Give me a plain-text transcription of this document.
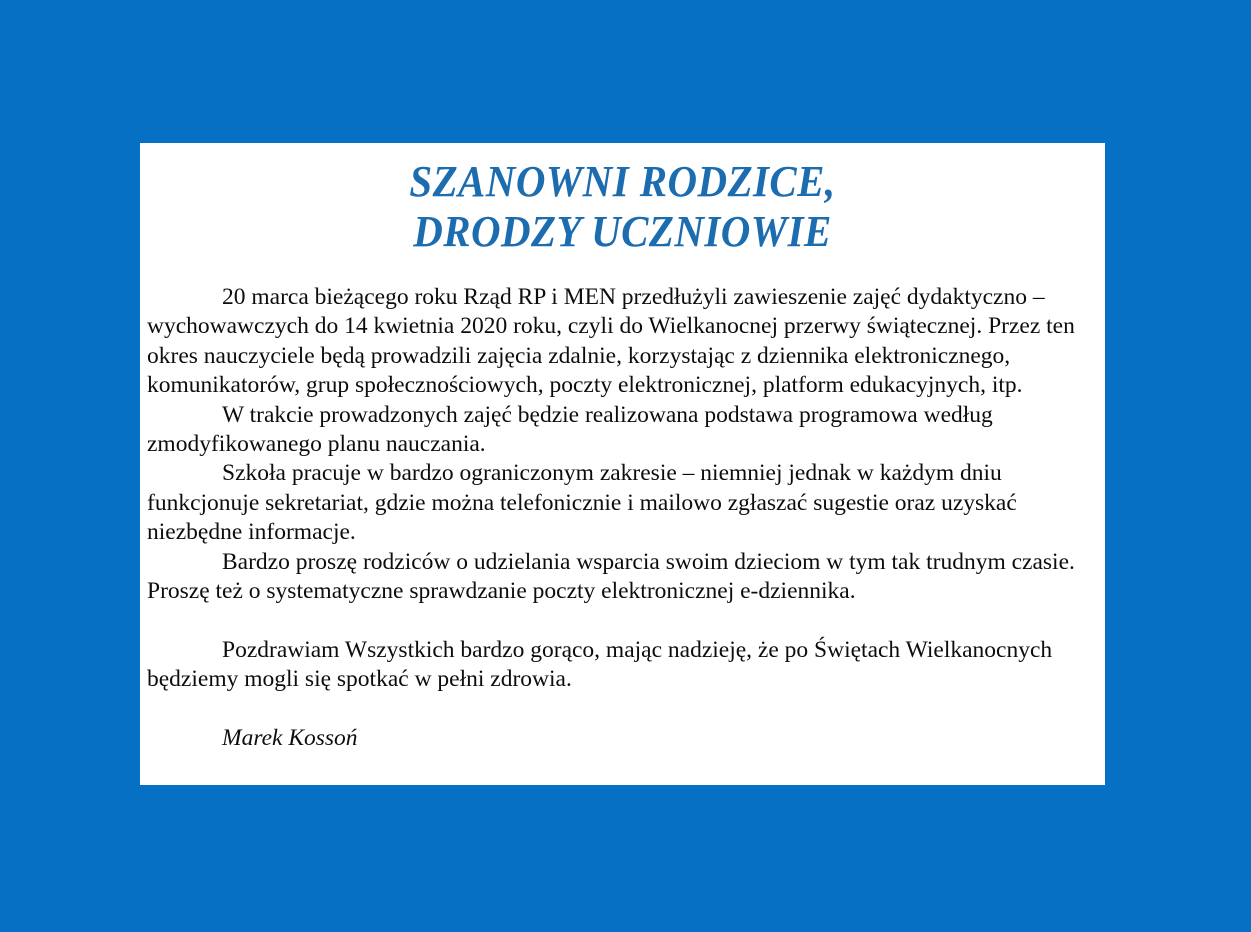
SZANOWNI RODZICE,
DRODZY UCZNIOWIE

20 marca bieżącego roku Rząd RP i MEN przedłużyli zawieszenie zajęć dydaktyczno – wychowawczych do 14 kwietnia 2020 roku, czyli do Wielkanocnej przerwy świątecznej. Przez ten okres nauczyciele będą prowadzili zajęcia zdalnie, korzystając z dziennika elektronicznego, komunikatorów, grup społecznościowych, poczty elektronicznej, platform edukacyjnych, itp.

W trakcie prowadzonych zajęć będzie realizowana podstawa programowa według zmodyfikowanego planu nauczania.

Szkoła pracuje w bardzo ograniczonym zakresie – niemniej jednak w każdym dniu funkcjonuje sekretariat, gdzie można telefonicznie i mailowo zgłaszać sugestie oraz uzyskać niezbędne informacje.

Bardzo proszę rodziców o udzielania wsparcia swoim dzieciom w tym tak trudnym czasie. Proszę też o systematyczne sprawdzanie poczty elektronicznej e-dziennika.

Pozdrawiam Wszystkich bardzo gorąco, mając nadzieję, że po Świętach Wielkanocnych będziemy mogli się spotkać w pełni zdrowia.

Marek Kossoń
